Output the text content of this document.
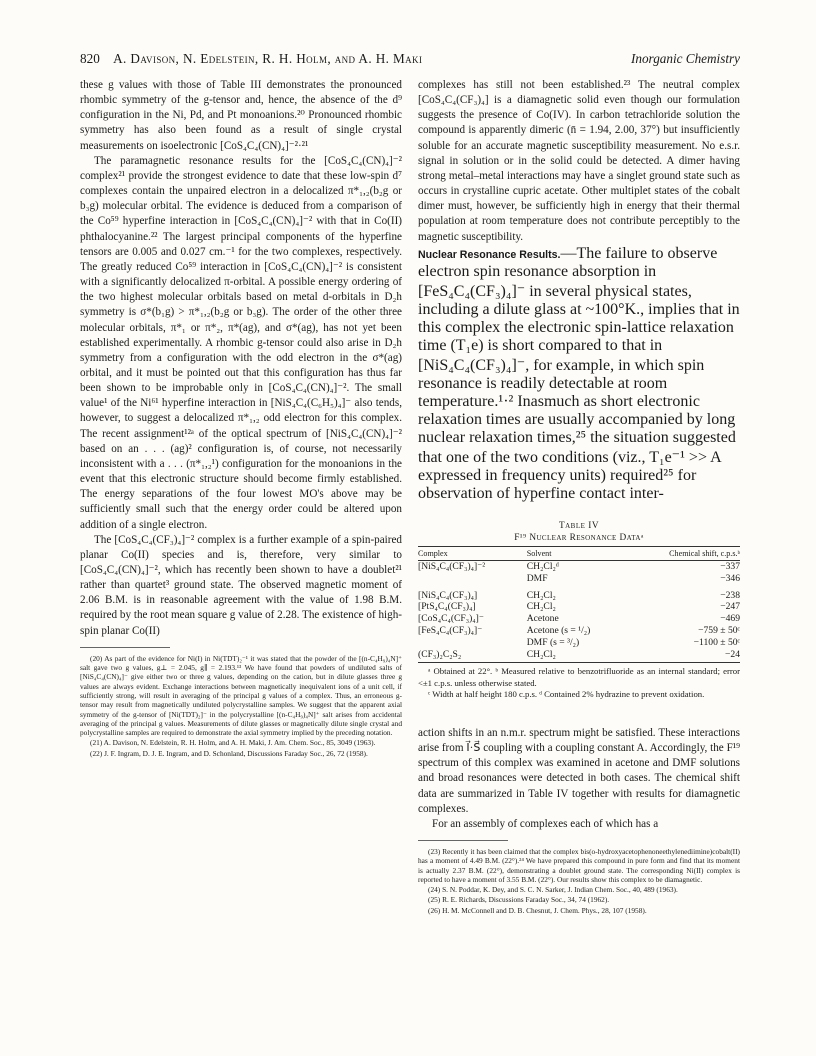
820 A. Davison, N. Edelstein, R. H. Holm, and A. H. Maki	Inorganic Chemistry

these g values with those of Table III demonstrates the pronounced rhombic symmetry of the g-tensor and, hence, the absence of the d⁹ configuration in the Ni, Pd, and Pt monoanions.²⁰ Pronounced rhombic symmetry has also been found as a result of single crystal measurements on isoelectronic [CoS₄C₄(CN)₄]⁻²·²¹

The paramagnetic resonance results for the [CoS₄C₄(CN)₄]⁻² complex²¹ provide the strongest evidence to date that these low-spin d⁷ complexes contain the unpaired electron in a delocalized π*₁,₂(b₂g or b₃g) molecular orbital. The evidence is deduced from a comparison of the Co⁵⁹ hyperfine interaction in [CoS₄C₄(CN)₄]⁻² with that in Co(II) phthalocyanine.²² The largest principal components of the hyperfine tensors are 0.005 and 0.027 cm.⁻¹ for the two complexes, respectively. The greatly reduced Co⁵⁹ interaction in [CoS₄C₄(CN)₄]⁻² is consistent with a significantly delocalized π-orbital. A possible energy ordering of the two highest molecular orbitals based on metal d-orbitals in D₂h symmetry is σ*(b₁g) > π*₁,₂(b₂g or b₃g). The order of the other three molecular orbitals, π*₁ or π*₂, π*(ag), and σ*(ag), has not yet been established experimentally. A rhombic g-tensor could also arise in D₂h symmetry from a configuration with the odd electron in the σ*(ag) orbital, and it must be pointed out that this configuration has thus far been shown to be improbable only in [CoS₄C₄(CN)₄]⁻². The small value¹ of the Ni⁶¹ hyperfine interaction in [NiS₄C₄(C₆H₅)₄]⁻ also tends, however, to suggest a delocalized π*₁,₂ odd electron for this complex. The recent assignment¹²ᵃ of the optical spectrum of [NiS₄C₄(CN)₄]⁻² based on an . . . (ag)² configuration is, of course, not necessarily inconsistent with a . . . (π*₁,₂¹) configuration for the monoanions in the event that this electronic structure should become firmly established. The energy separations of the four lowest MO's above may be sufficiently small such that the energy order could be altered upon addition of a single electron.

The [CoS₄C₄(CF₃)₄]⁻² complex is a further example of a spin-paired planar Co(II) species and is, therefore, very similar to [CoS₄C₄(CN)₄]⁻², which has recently been shown to have a doublet²¹ rather than quartet³ ground state. The observed magnetic moment of 2.06 B.M. is in reasonable agreement with the value of 1.98 B.M. required by the root mean square g value of 2.28. The existence of high-spin planar Co(II)

(20) As part of the evidence for Ni(I) in Ni(TDT)₂⁻¹ it was stated that the powder of the [(n-C₄H₉)₄N]⁺ salt gave two g values, g⊥ = 2.045, g∥ = 2.193.¹³ We have found that powders of undiluted salts of [NiS₄C₄(CN)₄]⁻ give either two or three g values, depending on the cation, but in dilute glasses three g values are always evident. Exchange interactions between magnetically inequivalent ions of a unit cell, if sufficiently strong, will result in averaging of the principal g values of a complex. Thus, an erroneous g-tensor may result from magnetically undiluted polycrystalline samples. We suggest that the apparent axial symmetry of the g-tensor of [Ni(TDT)₂]⁻ in the polycrystalline [(n-C₄H₉)₄N]⁺ salt arises from accidental averaging of the principal g values. Measurements of dilute glasses or magnetically dilute single crystal and polycrystalline samples are required to demonstrate the axial symmetry implied by the preceding notation.

(21) A. Davison, N. Edelstein, R. H. Holm, and A. H. Maki, J. Am. Chem. Soc., 85, 3049 (1963).

(22) J. F. Ingram, D. J. E. Ingram, and D. Schonland, Discussions Faraday Soc., 26, 72 (1958).

complexes has still not been established.²³ The neutral complex [CoS₄C₄(CF₃)₄] is a diamagnetic solid even though our formulation suggests the presence of Co(IV). In carbon tetrachloride solution the compound is apparently dimeric (n̄ = 1.94, 2.00, 37°) but insufficiently soluble for an accurate magnetic susceptibility measurement. No e.s.r. signal in solution or in the solid could be detected. A dimer having strong metal–metal interactions may have a singlet ground state such as occurs in crystalline cupric acetate. Other multiplet states of the cobalt dimer must, however, be sufficiently high in energy that their thermal population at room temperature does not contribute perceptibly to the magnetic susceptibility.

Nuclear Resonance Results.—The failure to observe electron spin resonance absorption in [FeS₄C₄(CF₃)₄]⁻ in several physical states, including a dilute glass at ~100°K., implies that in this complex the electronic spin-lattice relaxation time (T₁e) is short compared to that in [NiS₄C₄(CF₃)₄]⁻, for example, in which spin resonance is readily detectable at room temperature.¹·² Inasmuch as short electronic relaxation times are usually accompanied by long nuclear relaxation times,²⁵ the situation suggested that one of the two conditions (viz., T₁e⁻¹ >> A expressed in frequency units) required²⁵ for observation of hyperfine contact inter-

Table IV
F¹⁹ Nuclear Resonance Dataᵃ

Complex	Solvent	Chemical shift, c.p.s.ᵇ
[NiS₄C₄(CF₃)₄]⁻²	CH₂Cl₂ᵈ	−337
	DMF	−346
[NiS₄C₄(CF₃)₄]	CH₂Cl₂	−238
[PtS₄C₄(CF₃)₄]	CH₂Cl₂	−247
[CoS₄C₄(CF₃)₄]⁻	Acetone	−469
[FeS₄C₄(CF₃)₄]⁻	Acetone (s = ¹/₂)	−759 ± 50ᶜ
	DMF (s = ³/₂)	−1100 ± 50ᶜ
(CF₃)₂C₂S₂	CH₂Cl₂	−24
ᵃ Obtained at 22°. ᵇ Measured relative to benzotrifluoride as an internal standard; error <±1 c.p.s. unless otherwise stated.
ᶜ Width at half height 180 c.p.s. ᵈ Contained 2% hydrazine to prevent oxidation.

action shifts in an n.m.r. spectrum might be satisfied. These interactions arise from I⃗·S⃗ coupling with a coupling constant A. Accordingly, the F¹⁹ spectrum of this complex was examined in acetone and DMF solutions and broad resonances were detected in both cases. The chemical shift data are summarized in Table IV together with results for diamagnetic complexes.

For an assembly of complexes each of which has a

(23) Recently it has been claimed that the complex bis(o-hydroxyacetophenoneethylenediimine)cobalt(II) has a moment of 4.49 B.M. (22°).²⁴ We have prepared this compound in pure form and find that its moment is actually 2.37 B.M. (22°), demonstrating a doublet ground state. The corresponding Ni(II) complex is reported to have a moment of 3.55 B.M. (22°). Our results show this complex to be diamagnetic.

(24) S. N. Poddar, K. Dey, and S. C. N. Sarker, J. Indian Chem. Soc., 40, 489 (1963).

(25) R. E. Richards, Discussions Faraday Soc., 34, 74 (1962).

(26) H. M. McConnell and D. B. Chesnut, J. Chem. Phys., 28, 107 (1958).
